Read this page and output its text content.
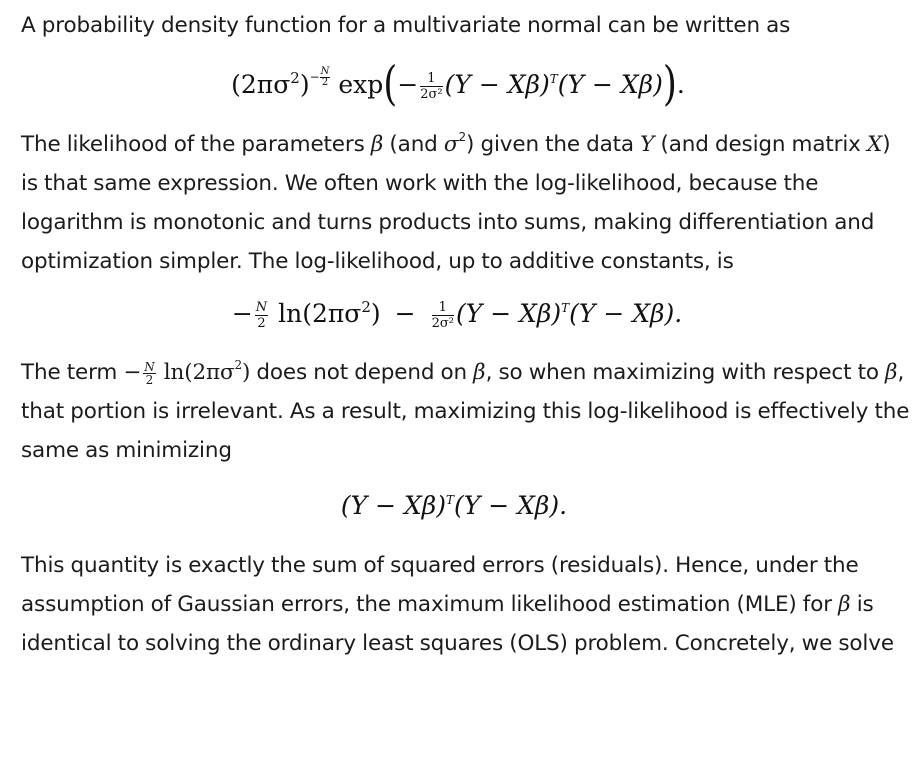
A probability density function for a multivariate normal can be written as

$(2\pi\sigma^2)- \frac{N}{2} \exp(- \frac{1}{\text{2σ²}} (Y - X\beta)^T(Y - X\beta))$.

The likelihood of the parameters β (and $\sigma^2$) given the data Y (and design matrix X) is that same expression. We often work with the log-likelihood, because the logarithm is monotonic and turns products into sums, making differentiation and optimization simpler. The log-likelihood, up to additive constants, is

− $\frac{N}{2} \ln(2\pi\sigma^2) - \frac{1}{\text{2σ²}} (Y - X\beta)^T(Y - X\beta)$.

The term − $\frac{N}{2} \ln(2\pi\sigma^2)$ does not depend on β, so when maximizing with respect to β, that portion is irrelevant. As a result, maximizing this log-likelihood is effectively the same as minimizing

$(Y - X\beta)^T(Y - X\beta)$.

This quantity is exactly the sum of squared errors (residuals). Hence, under the assumption of Gaussian errors, the maximum likelihood estimation (MLE) for β is identical to solving the ordinary least squares (OLS) problem. Concretely, we solve
